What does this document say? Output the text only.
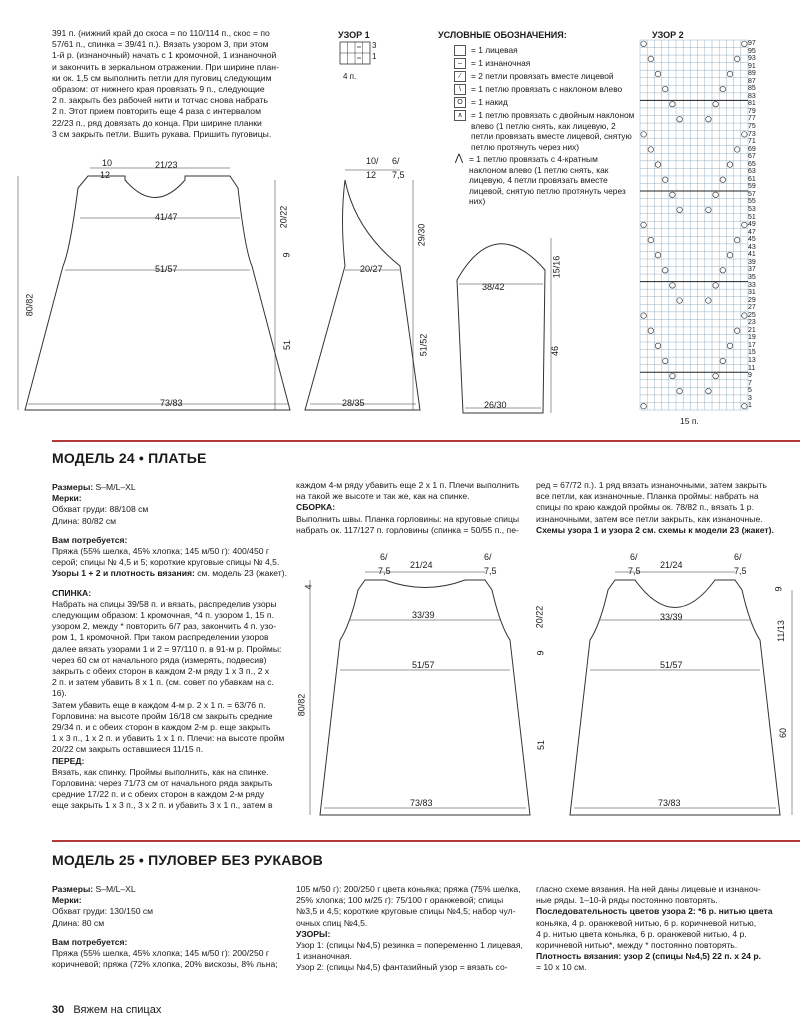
391 п. (нижний край до скоса = по 110/114 п., скос = по
57/61 п., спинка = 39/41 п.). Вязать узором 3, при этом
1-й р. (изнаночный) начать с 1 кромочной, 1 изнаночной
и закончить в зеркальном отражении. При ширине план-
ки ок. 1,5 см выполнить петли для пуговиц следующим
образом: от нижнего края провязать 9 п., следующие
2 п. закрыть без рабочей нити и тотчас снова набрать
2 п. Этот прием повторить еще 4 раза с интервалом
22/23 п., ряд довязать до конца. При ширине планки
3 см закрыть петли. Вшить рукава. Пришить пуговицы.
УЗОР 1
3
1
4 п.
УСЛОВНЫЕ ОБОЗНАЧЕНИЯ:
= 1 лицевая
–	= 1 изнаночная
⁄	= 2 петли провязать вместе лицевой
\	= 1 петлю провязать с наклоном влево
O = 1 накид
∧	= 1 петлю провязать с двойным наклоном влево (1 петлю снять, как лицевую, 2 петли провязать вместе лицевой, снятую петлю протянуть через них)
⋀ = 1 петлю провязать с 4-кратным наклоном влево (1 петлю снять, как лицевую, 4 петли провязать вместе лицевой, снятую петлю протянуть через них)
УЗОР 2
97
95
93
91
89
87
85
83
81
79
77
75
73
71
69
67
65
63
61
59
57
55
53
51
49
47
45
43
41
39
37
35
33
31
29
27
25
23
21
19
17
15
13
11
9
7
5
3
1
15 п.
10
12
21/23
41/47
51/57
73/83
80/82
20/22
9
51
10/ 6/
12 7,5
29/30
20/27
51/52
28/35
15/16
38/42
46
26/30
МОДЕЛЬ 24 • ПЛАТЬЕ
Размеры: S–M/L–XL
Мерки:
Обхват груди: 88/108 см
Длина: 80/82 см
Вам потребуется:
Пряжа (55% шелка, 45% хлопка; 145 м/50 г): 400/450 г
серой; спицы № 4,5 и 5; короткие круговые спицы № 4,5.
Узоры 1 + 2 и плотность вязания: см. модель 23 (жакет).
СПИНКА:
Набрать на спицы 39/58 п. и вязать, распределив узоры
следующим образом: 1 кромочная, *4 п. узором 1, 15 п.
узором 2, между * повторить 6/7 раз, закончить 4 п. узо-
ром 1, 1 кромочной. При таком распределении узоров
далее вязать узорами 1 и 2 = 97/110 п. в 91-м р. Проймы:
через 60 см от начального ряда (измерять, подвесив)
закрыть с обеих сторон в каждом 2-м ряду 1 х 3 п., 2 х
2 п. и затем убавить 8 х 1 п. (см. совет по убавкам на с. 16).
Затем убавить еще в каждом 4-м р. 2 х 1 п. = 63/76 п.
Горловина: на высоте пройм 16/18 см закрыть средние
29/34 п. и с обеих сторон в каждом 2-м р. еще закрыть
1 х 3 п., 1 х 2 п. и убавить 1 х 1 п. Плечи: на высоте пройм
20/22 см закрыть оставшиеся 11/15 п.
ПЕРЕД:
Вязать, как спинку. Проймы выполнить, как на спинке.
Горловина: через 71/73 см от начального ряда закрыть
средние 17/22 п. и с обеих сторон в каждом 2-м ряду
еще закрыть 1 х 3 п., 3 х 2 п. и убавить 3 х 1 п., затем в
каждом 4-м ряду убавить еще 2 х 1 п. Плечи выполнить
на такой же высоте и так же, как на спинке.
СБОРКА:
Выполнить швы. Планка горловины: на круговые спицы
набрать ок. 117/127 п. горловины (спинка = 50/55 п., пе-
ред = 67/72 п.). 1 ряд вязать изнаночными, затем закрыть
все петли, как изнаночные. Планка проймы: набрать на
спицы по краю каждой проймы ок. 78/82 п., вязать 1 р.
изнаночными, затем все петли закрыть, как изнаночные.
Схемы узора 1 и узора 2 см. схемы к модели 23 (жакет).
6/
7,5
21/24
6/
7,5
4
33/39
51/57
73/83
80/82
20/22
9
51
6/
7,5
21/24
6/
7,5
33/39
51/57
73/83
9
11/13
60
МОДЕЛЬ 25 • ПУЛОВЕР БЕЗ РУКАВОВ
Размеры: S–M/L–XL
Мерки:
Обхват груди: 130/150 см
Длина: 80 см
Вам потребуется:
Пряжа (55% шелка, 45% хлопка; 145 м/50 г): 200/250 г
коричневой; пряжа (72% хлопка, 20% вискозы, 8% льна;
105 м/50 г): 200/250 г цвета коньяка; пряжа (75% шелка,
25% хлопка; 100 м/25 г): 75/100 г оранжевой; спицы
№3,5 и 4,5; короткие круговые спицы №4,5; набор чул-
очных спиц №4,5.
УЗОРЫ:
Узор 1: (спицы №4,5) резинка = попеременно 1 лицевая, 1 изнаночная.
Узор 2: (спицы №4,5) фантазийный узор = вязать со-
гласно схеме вязания. На ней даны лицевые и изнаноч-
ные ряды. 1–10-й ряды постоянно повторять.
Последовательность цветов узора 2: *6 р. нитью цвета
коньяка, 4 р. оранжевой нитью, 6 р. коричневой нитью,
4 р. нитью цвета коньяка, 6 р. оранжевой нитью, 4 р.
коричневой нитью*, между * постоянно повторять.
Плотность вязания: узор 2 (спицы №4,5) 22 п. х 24 р.
= 10 х 10 см.
30 Вяжем на спицах
